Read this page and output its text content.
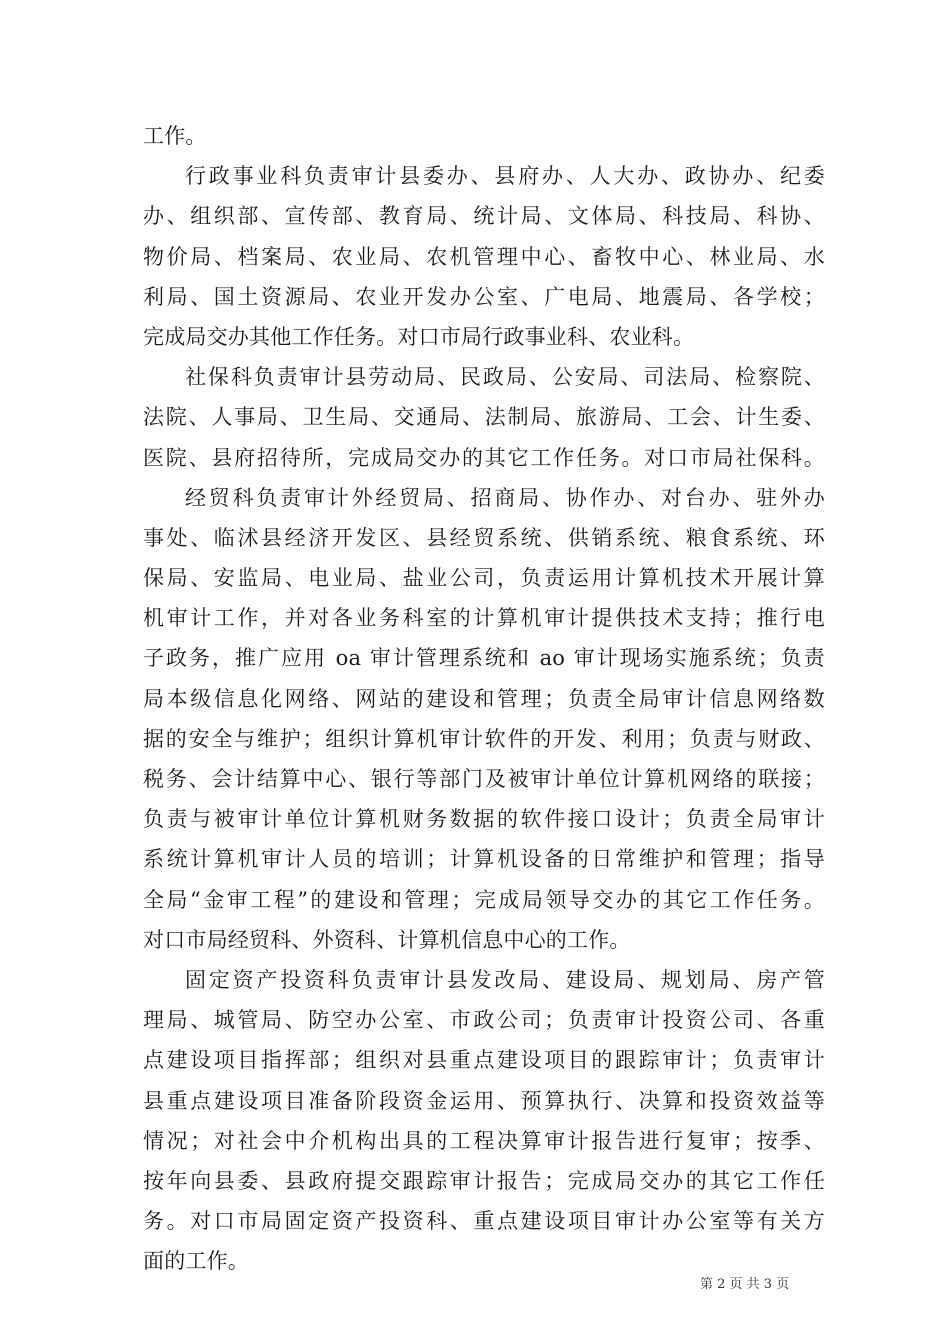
工作。
行政事业科负责审计县委办、县府办、人大办、政协办、纪委
办、组织部、宣传部、教育局、统计局、文体局、科技局、科协、
物价局、档案局、农业局、农机管理中心、畜牧中心、林业局、水
利局、国土资源局、农业开发办公室、广电局、地震局、各学校；
完成局交办其他工作任务。对口市局行政事业科、农业科。
社保科负责审计县劳动局、民政局、公安局、司法局、检察院、
法院、人事局、卫生局、交通局、法制局、旅游局、工会、计生委、
医院、县府招待所，完成局交办的其它工作任务。对口市局社保科。
经贸科负责审计外经贸局、招商局、协作办、对台办、驻外办
事处、临沭县经济开发区、县经贸系统、供销系统、粮食系统、环
保局、安监局、电业局、盐业公司，负责运用计算机技术开展计算
机审计工作，并对各业务科室的计算机审计提供技术支持；推行电
子政务，推广应用 oa 审计管理系统和 ao 审计现场实施系统；负责
局本级信息化网络、网站的建设和管理；负责全局审计信息网络数
据的安全与维护；组织计算机审计软件的开发、利用；负责与财政、
税务、会计结算中心、银行等部门及被审计单位计算机网络的联接；
负责与被审计单位计算机财务数据的软件接口设计；负责全局审计
系统计算机审计人员的培训；计算机设备的日常维护和管理；指导
全局“金审工程”的建设和管理；完成局领导交办的其它工作任务。
对口市局经贸科、外资科、计算机信息中心的工作。
固定资产投资科负责审计县发改局、建设局、规划局、房产管
理局、城管局、防空办公室、市政公司；负责审计投资公司、各重
点建设项目指挥部；组织对县重点建设项目的跟踪审计；负责审计
县重点建设项目准备阶段资金运用、预算执行、决算和投资效益等
情况；对社会中介机构出具的工程决算审计报告进行复审；按季、
按年向县委、县政府提交跟踪审计报告；完成局交办的其它工作任
务。对口市局固定资产投资科、重点建设项目审计办公室等有关方
面的工作。
第 2 页 共 3 页
